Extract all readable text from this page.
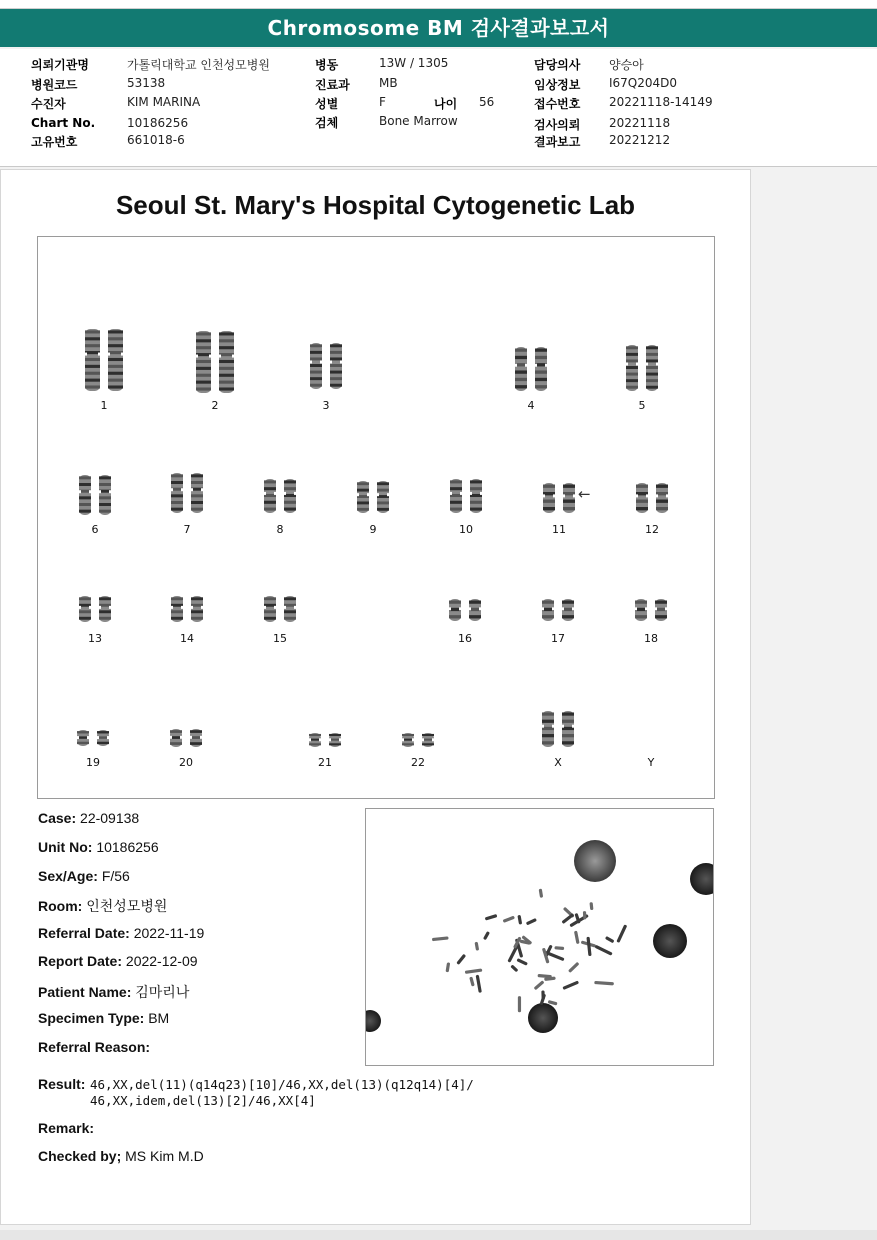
Chromosome BM 검사결과보고서
의뢰기관명	가톨릭대학교 인천성모병원
병원코드	53138
수진자	KIM MARINA
Chart No.	10186256
고유번호	661018-6
병동	13W / 1305
진료과 MB
성별	F	나이 56
검체	Bone Marrow
담당의사 양승아
임상정보 I67Q204D0
접수번호 20221118-14149
검사의뢰 20221118
결과보고 20221212
Seoul St. Mary's Hospital Cytogenetic Lab
1	2	3	4	5
6	7	8	9	10	11	12
13	14	15	16	17	18
19	20	21	22	X	Y
←
Case: 22-09138
Unit No: 10186256
Sex/Age: F/56
Room: 인천성모병원
Referral Date: 2022-11-19
Report Date: 2022-12-09
Patient Name: 김마리나
Specimen Type: BM
Referral Reason:
Result: 46,XX,del(11)(q14q23)[10]/46,XX,del(13)(q12q14)[4]/
46,XX,idem,del(13)[2]/46,XX[4]
Remark:
Checked by; MS Kim M.D
